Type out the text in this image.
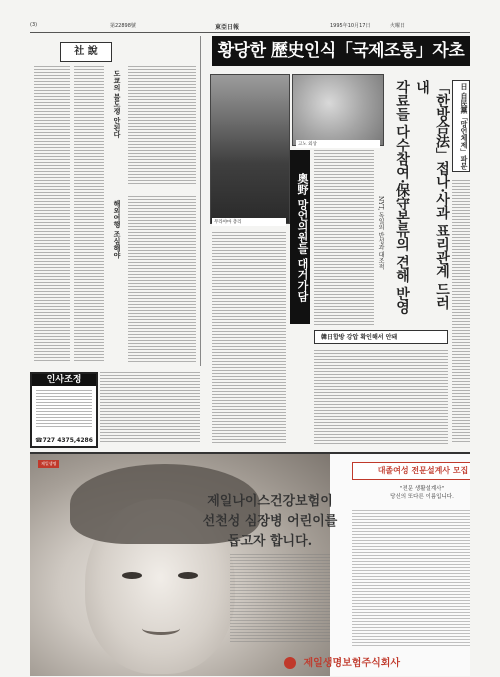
(3)	第22898號	東亞日報	1995年10月17日	火曜日
社 說
도쿄의 불도쟁 안된다
해외여행 조심해야
인사조정
☎727 4375,4286
황당한 歷史인식「국제조롱」자초
무라야마 총리
고노 외상
奧野 망언의원들 대거가담	「한방合法」접나·사과 표리관계 드러내
각료들 다수참여·保守본류의 견해 반영
NYT, 독일의 반성과 대조적
日 自民黨「망언체제」파문
韓日합방 강압 확인해서 안돼
제일생명
제일나이스건강보험이
선천성 심장병 어린이를
돕고자 합니다.
대졸여성 전문설계사 모집
"전문 생활설계사"
당신의 또다른 이름입니다.
제일생명보험주식회사
